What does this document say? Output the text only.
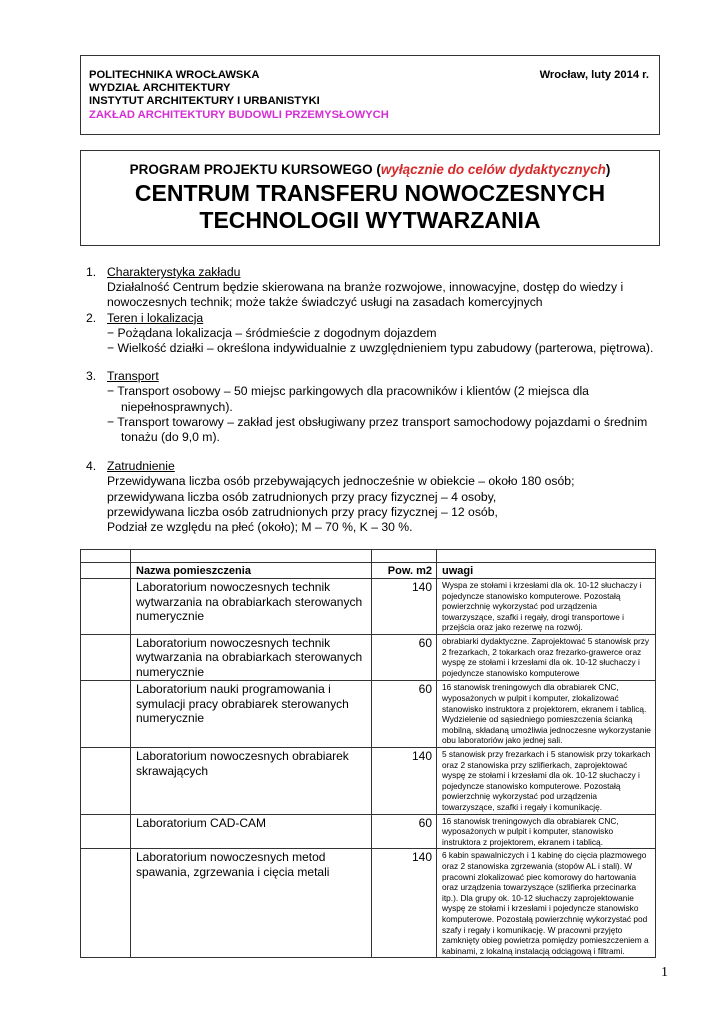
POLITECHNIKA WROCŁAWSKA
WYDZIAŁ ARCHITEKTURY
INSTYTUT ARCHITEKTURY I URBANISTYKI
ZAKŁAD ARCHITEKTURY BUDOWLI PRZEMYSŁOWYCH
Wrocław, luty 2014 r.
PROGRAM PROJEKTU KURSOWEGO (wyłącznie do celów dydaktycznych)
CENTRUM TRANSFERU NOWOCZESNYCH
TECHNOLOGII WYTWARZANIA
1. Charakterystyka zakładu
Działalność Centrum będzie skierowana na branże rozwojowe, innowacyjne, dostęp do wiedzy i
nowoczesnych technik; może także świadczyć usługi na zasadach komercyjnych
2. Teren i lokalizacja
− Pożądana lokalizacja – śródmieście z dogodnym dojazdem
− Wielkość działki – określona indywidualnie z uwzględnieniem typu zabudowy (parterowa, piętrowa).
3. Transport
− Transport osobowy – 50 miejsc parkingowych dla pracowników i klientów (2 miejsca dla niepełnosprawnych).
− Transport towarowy – zakład jest obsługiwany przez transport samochodowy pojazdami o średnim tonażu (do 9,0 m).
4. Zatrudnienie
Przewidywana liczba osób przebywających jednocześnie w obiekcie – około 180 osób;
przewidywana liczba osób zatrudnionych przy pracy fizycznej – 4 osoby,
przewidywana liczba osób zatrudnionych przy pracy fizycznej – 12 osób,
Podział ze względu na płeć (około); M – 70 %, K – 30 %.

	Nazwa pomieszczenia	Pow. m2	uwagi
	Laboratorium nowoczesnych technik wytwarzania na obrabiarkach sterowanych numerycznie	140	Wyspa ze stołami i krzesłami dla ok. 10-12 słuchaczy i pojedyncze stanowisko komputerowe. Pozostałą powierzchnię wykorzystać pod urządzenia towarzyszące, szafki i regały, drogi transportowe i przejścia oraz jako rezerwę na rozwój.
	Laboratorium nowoczesnych technik wytwarzania na obrabiarkach sterowanych numerycznie	60	obrabiarki dydaktyczne. Zaprojektować 5 stanowisk przy 2 frezarkach, 2 tokarkach oraz frezarko-grawerce oraz wyspę ze stołami i krzesłami dla ok. 10-12 słuchaczy i pojedyncze stanowisko komputerowe
	Laboratorium nauki programowania i symulacji pracy obrabiarek sterowanych numerycznie	60	16 stanowisk treningowych dla obrabiarek CNC, wyposażonych w pulpit i komputer, zlokalizować stanowisko instruktora z projektorem, ekranem i tablicą. Wydzielenie od sąsiedniego pomieszczenia ścianką mobilną, składaną umożliwia jednoczesne wykorzystanie obu laboratoriów jako jednej sali.
	Laboratorium nowoczesnych obrabiarek skrawających	140	5 stanowisk przy frezarkach i 5 stanowisk przy tokarkach oraz 2 stanowiska przy szlifierkach, zaprojektować wyspę ze stołami i krzesłami dla ok. 10-12 słuchaczy i pojedyncze stanowisko komputerowe. Pozostałą powierzchnię wykorzystać pod urządzenia towarzyszące, szafki i regały i komunikację.
	Laboratorium CAD-CAM	60	16 stanowisk treningowych dla obrabiarek CNC, wyposażonych w pulpit i komputer, stanowisko instruktora z projektorem, ekranem i tablicą.
	Laboratorium nowoczesnych metod spawania, zgrzewania i cięcia metali	140	6 kabin spawalniczych i 1 kabinę do cięcia plazmowego oraz 2 stanowiska zgrzewania (stopów AL i stali). W pracowni zlokalizować piec komorowy do hartowania oraz urządzenia towarzyszące (szlifierka przecinarka itp.). Dla grupy ok. 10-12 słuchaczy zaprojektowanie wyspę ze stołami i krzesłami i pojedyncze stanowisko komputerowe. Pozostałą powierzchnię wykorzystać pod szafy i regały i komunikację. W pracowni przyjęto zamknięty obieg powietrza pomiędzy pomieszczeniem a kabinami, z lokalną instalacją odciągową i filtrami.
1
